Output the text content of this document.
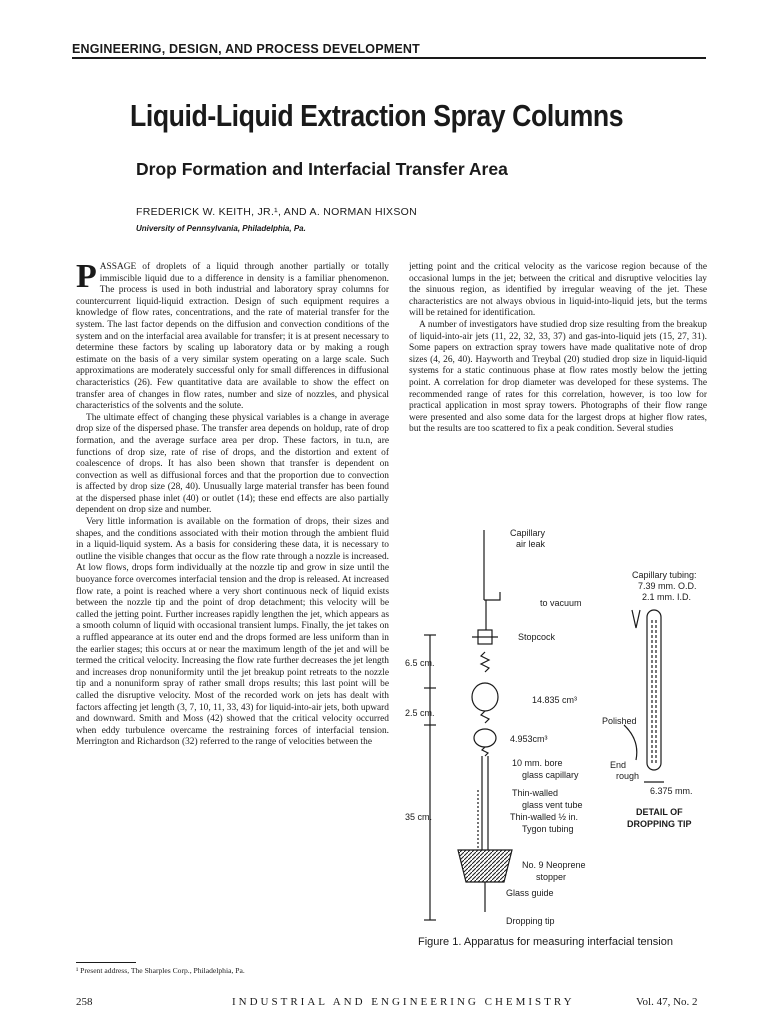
ENGINEERING, DESIGN, AND PROCESS DEVELOPMENT
Liquid-Liquid Extraction Spray Columns
Drop Formation and Interfacial Transfer Area
FREDERICK W. KEITH, JR.¹, AND A. NORMAN HIXSON
University of Pennsylvania, Philadelphia, Pa.

PASSAGE of droplets of a liquid through another partially or totally immiscible liquid due to a difference in density is a familiar phenomenon. The process is used in both industrial and laboratory spray columns for countercurrent liquid-liquid extraction. Design of such equipment requires a knowledge of flow rates, concentrations, and the rate of material transfer for the system. The last factor depends on the diffusion and convection conditions of the system and on the interfacial area available for transfer; it is at present necessary to determine these factors by scaling up laboratory data or by making a rough estimate on the basis of a very similar system operating on a large scale. Such approximations are moderately successful only for small differences in diffusional characteristics (26). Few quantitative data are available to show the effect on transfer area of changes in flow rates, number and size of nozzles, and physical characteristics of the solvents and the solute.

The ultimate effect of changing these physical variables is a change in average drop size of the dispersed phase. The transfer area depends on holdup, rate of drop formation, and the average surface area per drop. These factors, in tu.n, are functions of drop size, rate of rise of drops, and the distortion and extent of coalescence of drops. It has also been shown that transfer is dependent on convection as well as diffusional forces and that the proportion due to convection is affected by drop size (28, 40). Unusually large material transfer has been found at the dispersed phase inlet (40) or outlet (14); these end effects are also partially dependent on drop size and number.

Very little information is available on the formation of drops, their sizes and shapes, and the conditions associated with their motion through the ambient fluid in a liquid-liquid system. As a basis for considering these data, it is necessary to outline the visible changes that occur as the flow rate through a nozzle is increased. At low flows, drops form individually at the nozzle tip and grow in size until the buoyance force overcomes interfacial tension and the drop is released. At increased flow rate, a point is reached where a very short continuous neck of liquid exists between the nozzle tip and the point of drop detachment; this velocity will be called the jetting point. Further increases rapidly lengthen the jet, which appears as a smooth column of liquid with occasional transient lumps. Finally, the jet takes on a ruffled appearance at its outer end and the drops formed are less uniform than in the earlier stages; this occurs at or near the maximum length of the jet and will be termed the critical velocity. Increasing the flow rate further decreases the jet length and increases drop nonuniformity until the jet breakup point retreats to the nozzle tip and a nonuniform spray of rather small drops results; this last point will be called the disruptive velocity. Most of the recorded work on jets has dealt with factors affecting jet length (3, 7, 10, 11, 33, 43) for liquid-into-air jets, both upward and downward. Smith and Moss (42) showed that the critical velocity occurred when eddy turbulence overcame the restraining forces of interfacial tension. Merrington and Richardson (32) referred to the range of velocities between the

jetting point and the critical velocity as the varicose region because of the occasional lumps in the jet; between the critical and disruptive velocities lay the sinuous region, as identified by irregular weaving of the jet. These characteristics are not always obvious in liquid-into-liquid jets, but the terms will be retained for identification.

A number of investigators have studied drop size resulting from the breakup of liquid-into-air jets (11, 22, 32, 33, 37) and gas-into-liquid jets (15, 27, 31). Some papers on extraction spray towers have made qualitative note of drop sizes (4, 26, 40). Hayworth and Treybal (20) studied drop size in liquid-liquid systems for a static continuous phase at flow rates mostly below the jetting point. A correlation for drop diameter was developed for these systems. The recommended range of rates for this correlation, however, is too low for practical application in most spray towers. Photographs of their flow range were presented and also some data for the largest drops at higher flow rates, but the results are too scattered to fix a peak condition. Several studies

Capillary
air leak
to vacuum
Stopcock
6.5 cm.
2.5 cm.
35 cm.
14.835 cm³
4.953cm³
10 mm. bore
glass capillary
Thin-walled
glass vent tube
Thin-walled ½ in.
Tygon tubing
No. 9 Neoprene
stopper
Glass guide
Dropping tip
Capillary tubing:
7.39 mm. O.D.
2.1 mm. I.D.
Polished
End
rough
6.375 mm.
DETAIL OF
DROPPING TIP
Figure 1. Apparatus for measuring interfacial tension
¹ Present address, The Sharples Corp., Philadelphia, Pa.
258	INDUSTRIAL AND ENGINEERING CHEMISTRY	Vol. 47, No. 2
